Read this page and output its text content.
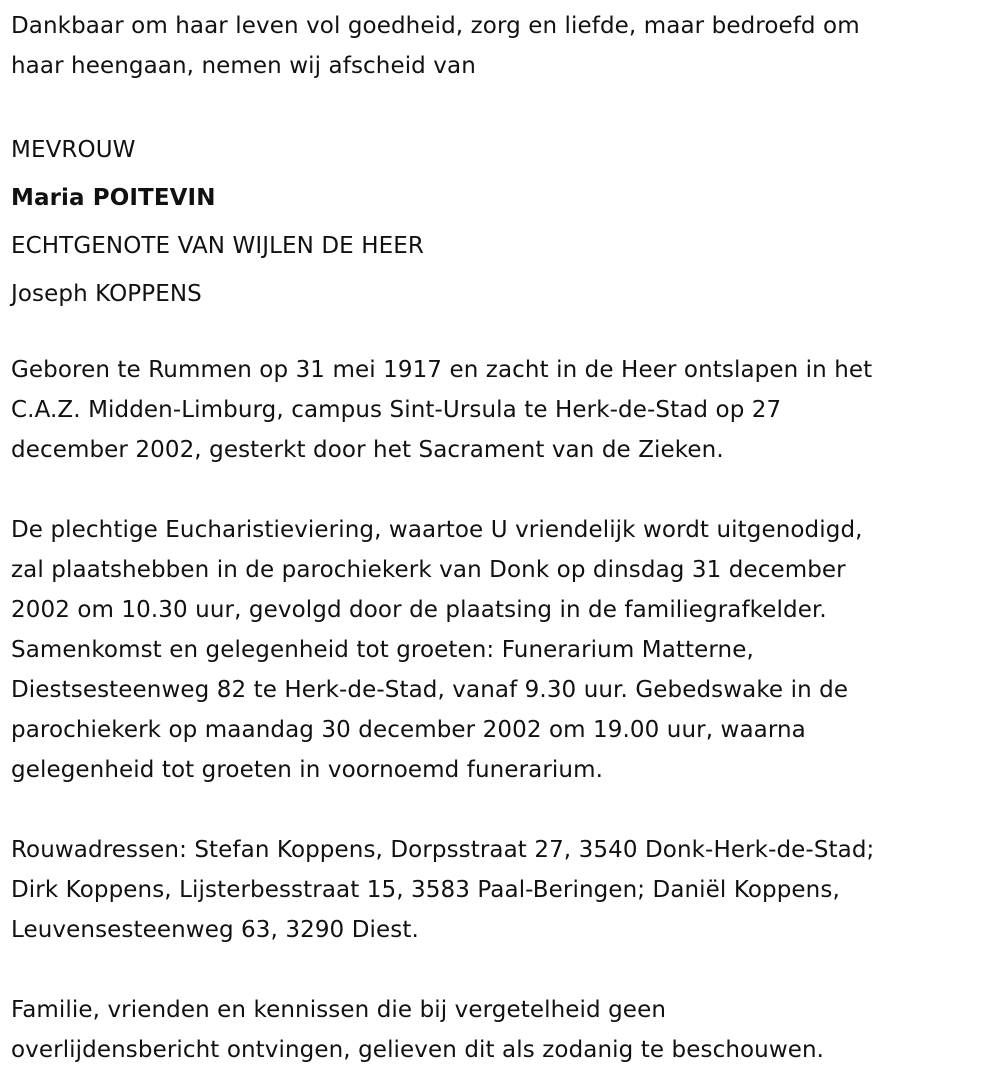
Dankbaar om haar leven vol goedheid, zorg en liefde, maar bedroefd om
haar heengaan, nemen wij afscheid van

MEVROUW
Maria POITEVIN
ECHTGENOTE VAN WIJLEN DE HEER
Joseph KOPPENS

Geboren te Rummen op 31 mei 1917 en zacht in de Heer ontslapen in het
C.A.Z. Midden-Limburg, campus Sint-Ursula te Herk-de-Stad op 27
december 2002, gesterkt door het Sacrament van de Zieken.

De plechtige Eucharistieviering, waartoe U vriendelijk wordt uitgenodigd,
zal plaatshebben in de parochiekerk van Donk op dinsdag 31 december
2002 om 10.30 uur, gevolgd door de plaatsing in de familiegrafkelder.
Samenkomst en gelegenheid tot groeten: Funerarium Matterne,
Diestsesteenweg 82 te Herk-de-Stad, vanaf 9.30 uur. Gebedswake in de
parochiekerk op maandag 30 december 2002 om 19.00 uur, waarna
gelegenheid tot groeten in voornoemd funerarium.

Rouwadressen: Stefan Koppens, Dorpsstraat 27, 3540 Donk-Herk-de-Stad;
Dirk Koppens, Lijsterbesstraat 15, 3583 Paal-Beringen; Daniël Koppens,
Leuvensesteenweg 63, 3290 Diest.

Familie, vrienden en kennissen die bij vergetelheid geen
overlijdensbericht ontvingen, gelieven dit als zodanig te beschouwen.
